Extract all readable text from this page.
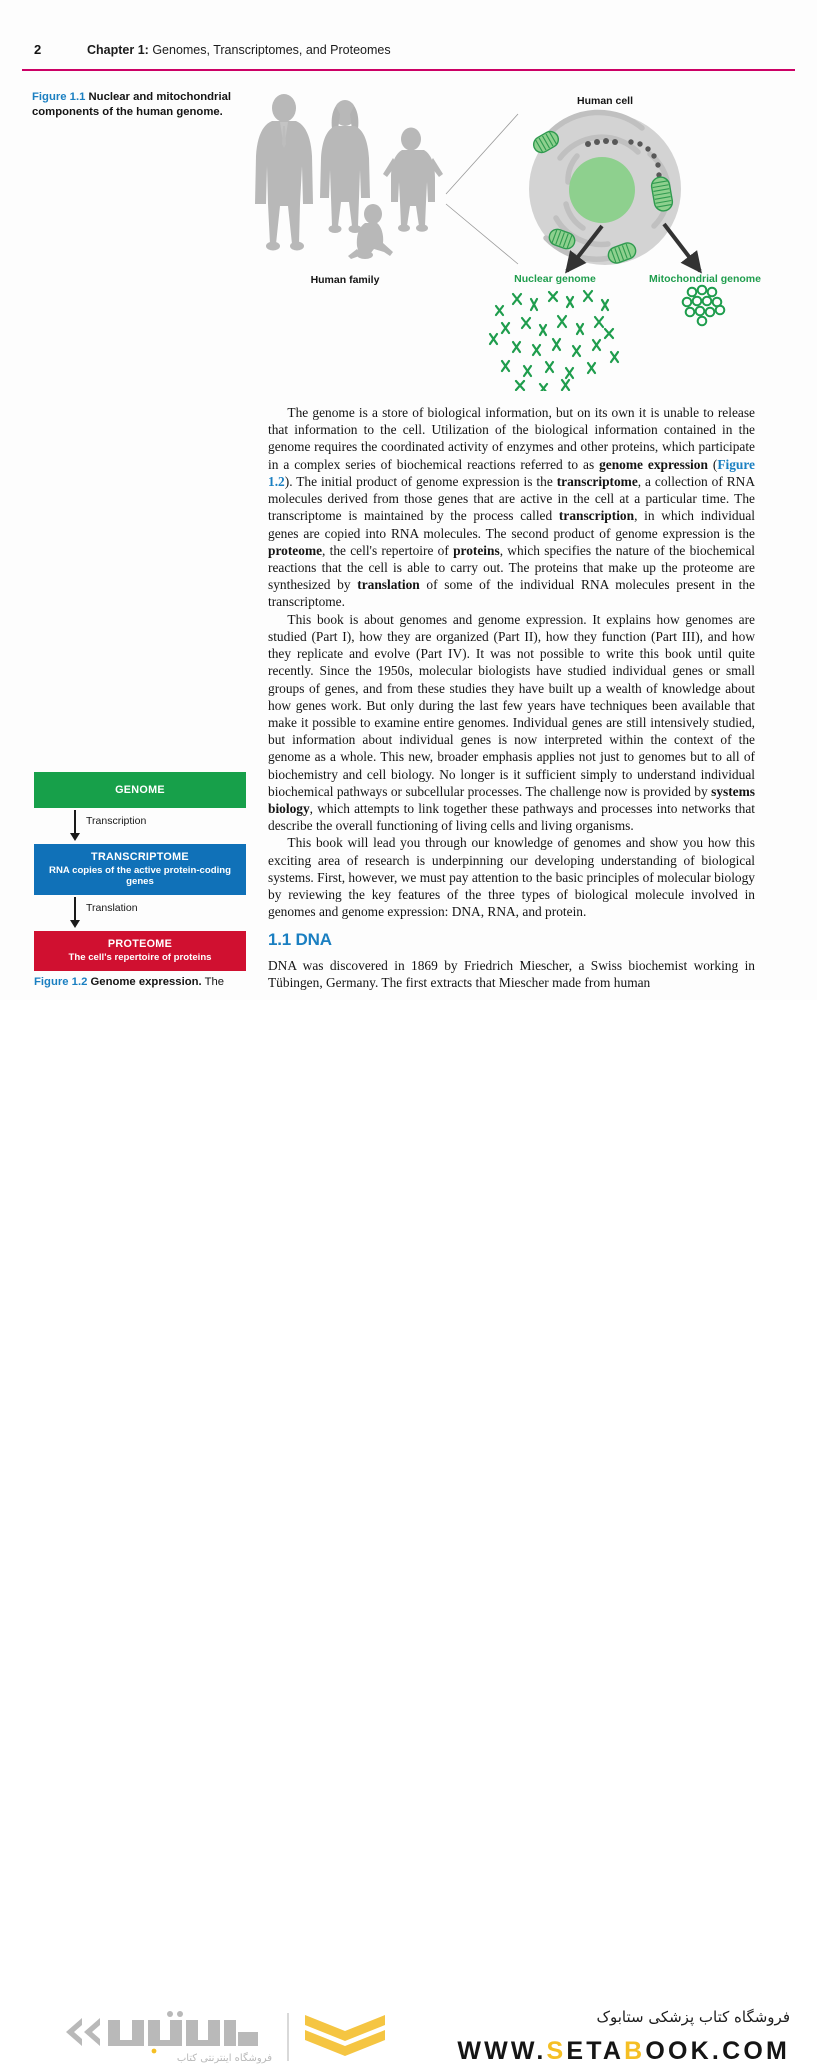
2	Chapter 1: Genomes, Transcriptomes, and Proteomes
Figure 1.1 Nuclear and mitochondrial components of the human genome.
Human family
Human cell
Nuclear genome	Mitochondrial genome

The genome is a store of biological information, but on its own it is unable to release that information to the cell. Utilization of the biological information contained in the genome requires the coordinated activity of enzymes and other proteins, which participate in a complex series of biochemical reactions referred to as genome expression (Figure 1.2). The initial product of genome expression is the transcriptome, a collection of RNA molecules derived from those genes that are active in the cell at a particular time. The transcriptome is maintained by the process called transcription, in which individual genes are copied into RNA molecules. The second product of genome expression is the proteome, the cell's repertoire of proteins, which specifies the nature of the biochemical reactions that the cell is able to carry out. The proteins that make up the proteome are synthesized by translation of some of the individual RNA molecules present in the transcriptome.

This book is about genomes and genome expression. It explains how genomes are studied (Part I), how they are organized (Part II), how they function (Part III), and how they replicate and evolve (Part IV). It was not possible to write this book until quite recently. Since the 1950s, molecular biologists have studied individual genes or small groups of genes, and from these studies they have built up a wealth of knowledge about how genes work. But only during the last few years have techniques been available that make it possible to examine entire genomes. Individual genes are still intensively studied, but information about individual genes is now interpreted within the context of the genome as a whole. This new, broader emphasis applies not just to genomes but to all of biochemistry and cell biology. No longer is it sufficient simply to understand individual biochemical pathways or subcellular processes. The challenge now is provided by systems biology, which attempts to link together these pathways and processes into networks that describe the overall functioning of living cells and living organisms.

This book will lead you through our knowledge of genomes and show you how this exciting area of research is underpinning our developing understanding of biological systems. First, however, we must pay attention to the basic principles of molecular biology by reviewing the key features of the three types of biological molecule involved in genomes and genome expression: DNA, RNA, and protein.

1.1 DNA

DNA was discovered in 1869 by Friedrich Miescher, a Swiss biochemist working in Tübingen, Germany. The first extracts that Miescher made from human

GENOME
Transcription
TRANSCRIPTOME
RNA copies of the active protein-coding genes
Translation
PROTEOME
The cell's repertoire of proteins
Figure 1.2 Genome expression. The
فروشگاه اینترنتی کتاب
فروشگاه کتاب پزشکی ستابوک
WWW.SETABOOK.COM
